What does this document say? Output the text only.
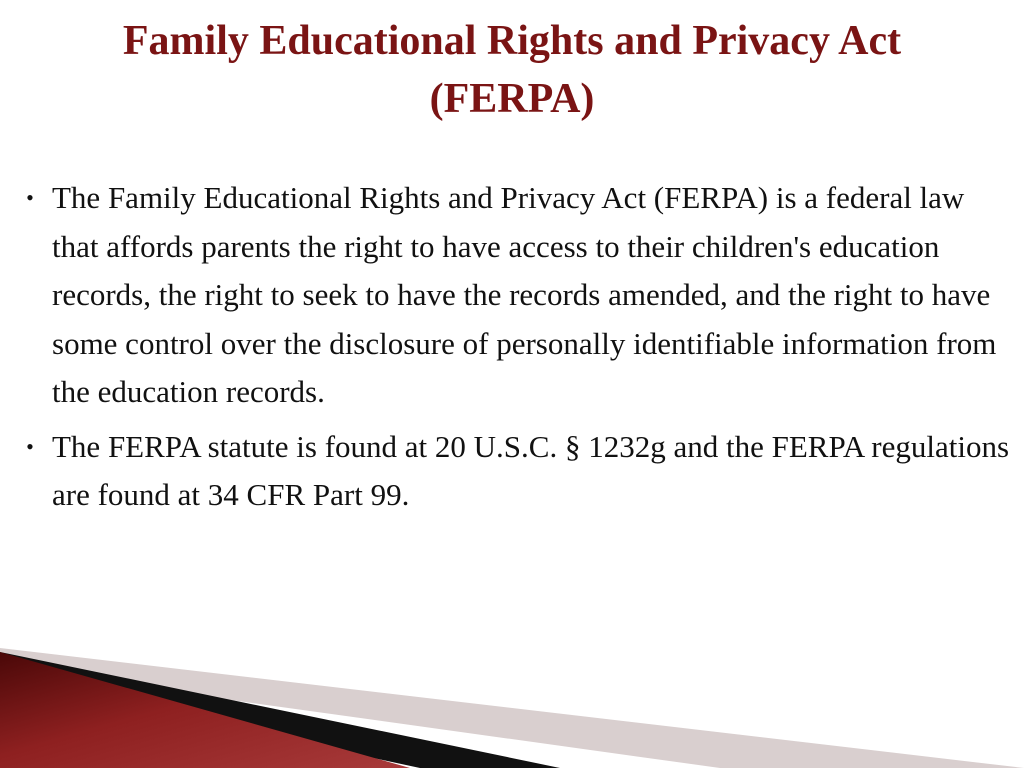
Family Educational Rights and Privacy Act
(FERPA)
• The Family Educational Rights and Privacy Act (FERPA) is a federal law that affords parents the right to have access to their children's education records, the right to seek to have the records amended, and the right to have some control over the disclosure of personally identifiable information from the education records.
• The FERPA statute is found at 20 U.S.C. § 1232g and the FERPA regulations are found at 34 CFR Part 99.
